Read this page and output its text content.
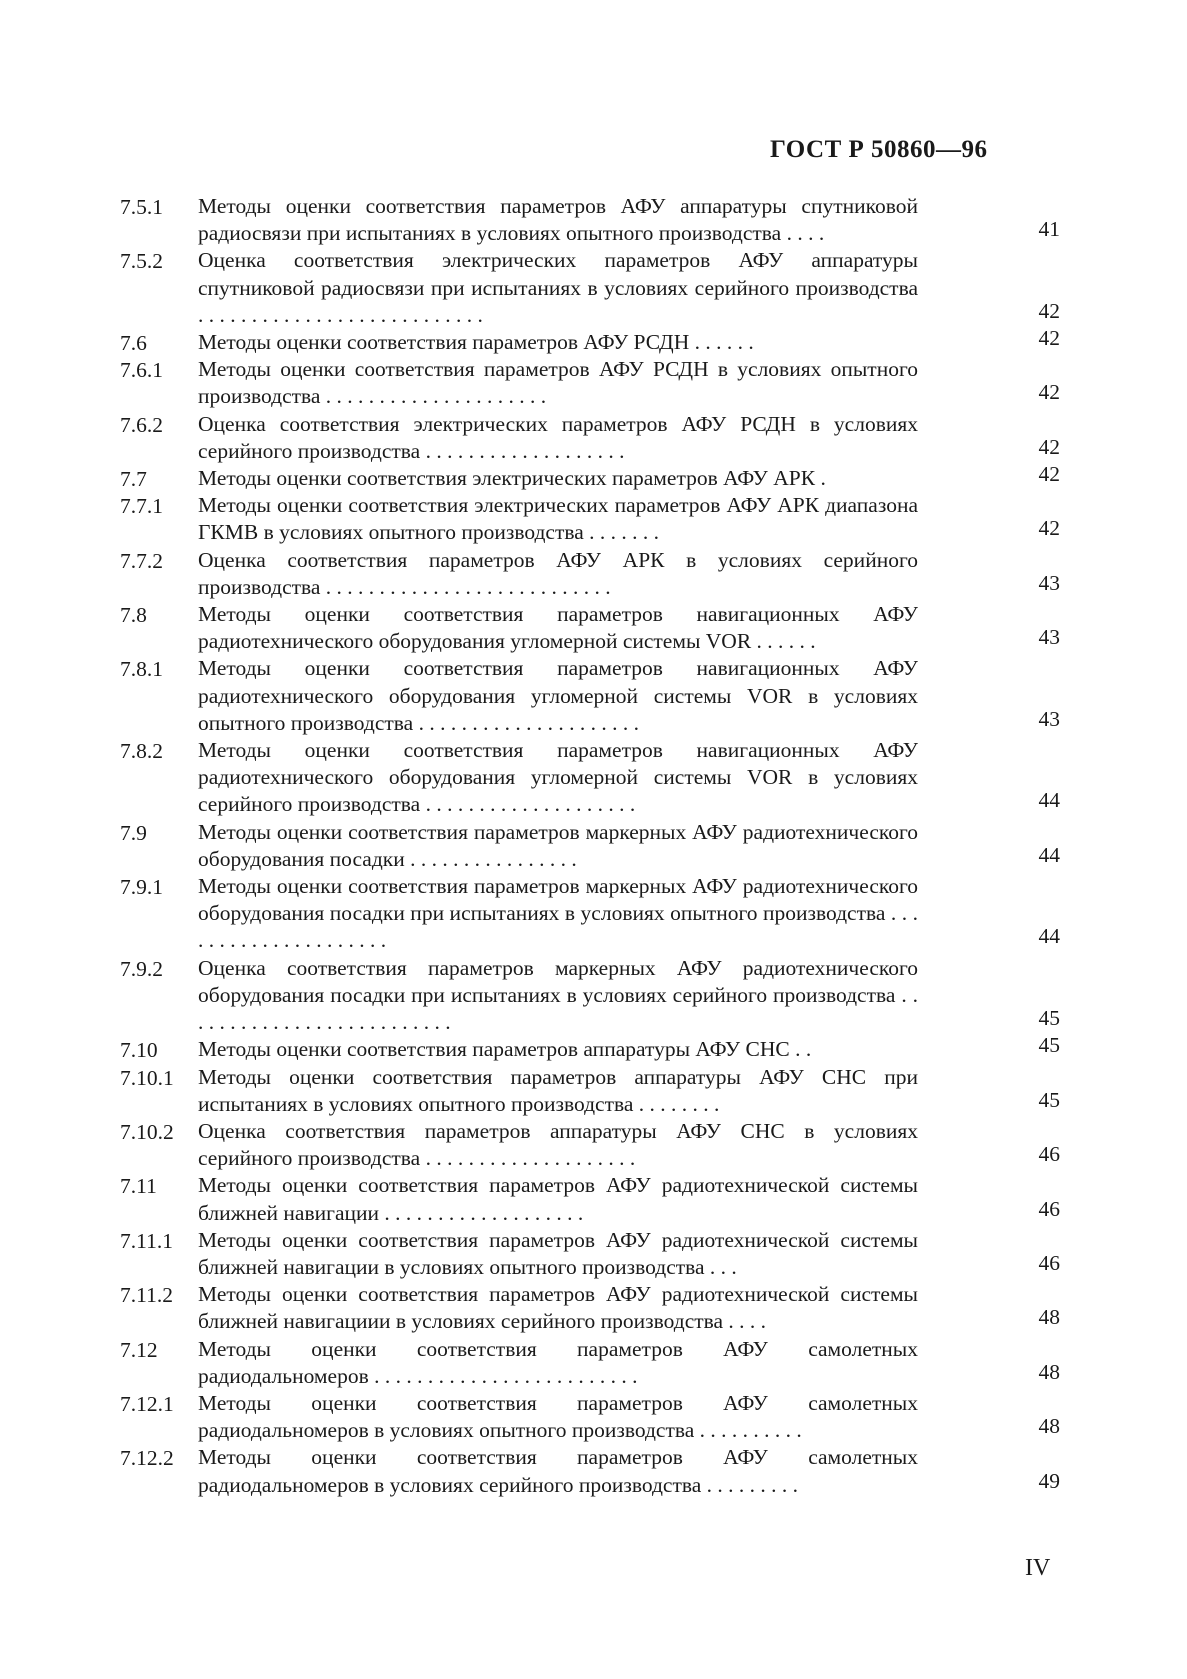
ГОСТ Р 50860—96
7.5.1	Методы оценки соответствия параметров АФУ аппаратуры спутниковой радиосвязи при испытаниях в условиях опытного производства . . . .	41
7.5.2	Оценка соответствия электрических параметров АФУ аппаратуры спутниковой радиосвязи при испытаниях в условиях серийного производства . . . . . . . . . . . . . . . . . . . . . . . . . . .	42
7.6	Методы оценки соответствия параметров АФУ РСДН . . . . . .	42
7.6.1	Методы оценки соответствия параметров АФУ РСДН в условиях опытного производства . . . . . . . . . . . . . . . . . . . . .	42
7.6.2	Оценка соответствия электрических параметров АФУ РСДН в условиях серийного производства . . . . . . . . . . . . . . . . . . .	42
7.7	Методы оценки соответствия электрических параметров АФУ АРК .	42
7.7.1	Методы оценки соответствия электрических параметров АФУ АРК диапазона ГКМВ в условиях опытного производства . . . . . . .	42
7.7.2	Оценка соответствия параметров АФУ АРК в условиях серийного производства . . . . . . . . . . . . . . . . . . . . . . . . . . .	43
7.8	Методы оценки соответствия параметров навигационных АФУ радиотехнического оборудования угломерной системы VOR . . . . . .	43
7.8.1	Методы оценки соответствия параметров навигационных АФУ радиотехнического оборудования угломерной системы VOR в условиях опытного производства . . . . . . . . . . . . . . . . . . . . .	43
7.8.2	Методы оценки соответствия параметров навигационных АФУ радиотехнического оборудования угломерной системы VOR в условиях серийного производства . . . . . . . . . . . . . . . . . . . .	44
7.9	Методы оценки соответствия параметров маркерных АФУ радиотехнического оборудования посадки . . . . . . . . . . . . . . . .	44
7.9.1	Методы оценки соответствия параметров маркерных АФУ радиотехнического оборудования посадки при испытаниях в условиях опытного производства . . . . . . . . . . . . . . . . . . . . .	44
7.9.2	Оценка соответствия параметров маркерных АФУ радиотехнического оборудования посадки при испытаниях в условиях серийного производства . . . . . . . . . . . . . . . . . . . . . . . . . .	45
7.10	Методы оценки соответствия параметров аппаратуры АФУ СНС . .	45
7.10.1	Методы оценки соответствия параметров аппаратуры АФУ СНС при испытаниях в условиях опытного производства . . . . . . . .	45
7.10.2	Оценка соответствия параметров аппаратуры АФУ СНС в условиях серийного производства . . . . . . . . . . . . . . . . . . . .	46
7.11	Методы оценки соответствия параметров АФУ радиотехнической системы ближней навигации . . . . . . . . . . . . . . . . . . .	46
7.11.1	Методы оценки соответствия параметров АФУ радиотехнической системы ближней навигации в условиях опытного производства . . .	46
7.11.2	Методы оценки соответствия параметров АФУ радиотехнической системы ближней навигациии в условиях серийного производства . . . .	48
7.12	Методы оценки соответствия параметров АФУ самолетных радиодальномеров . . . . . . . . . . . . . . . . . . . . . . . . .	48
7.12.1	Методы оценки соответствия параметров АФУ самолетных радиодальномеров в условиях опытного производства . . . . . . . . . .	48
7.12.2	Методы оценки соответствия параметров АФУ самолетных радиодальномеров в условиях серийного производства . . . . . . . . .	49
IV
